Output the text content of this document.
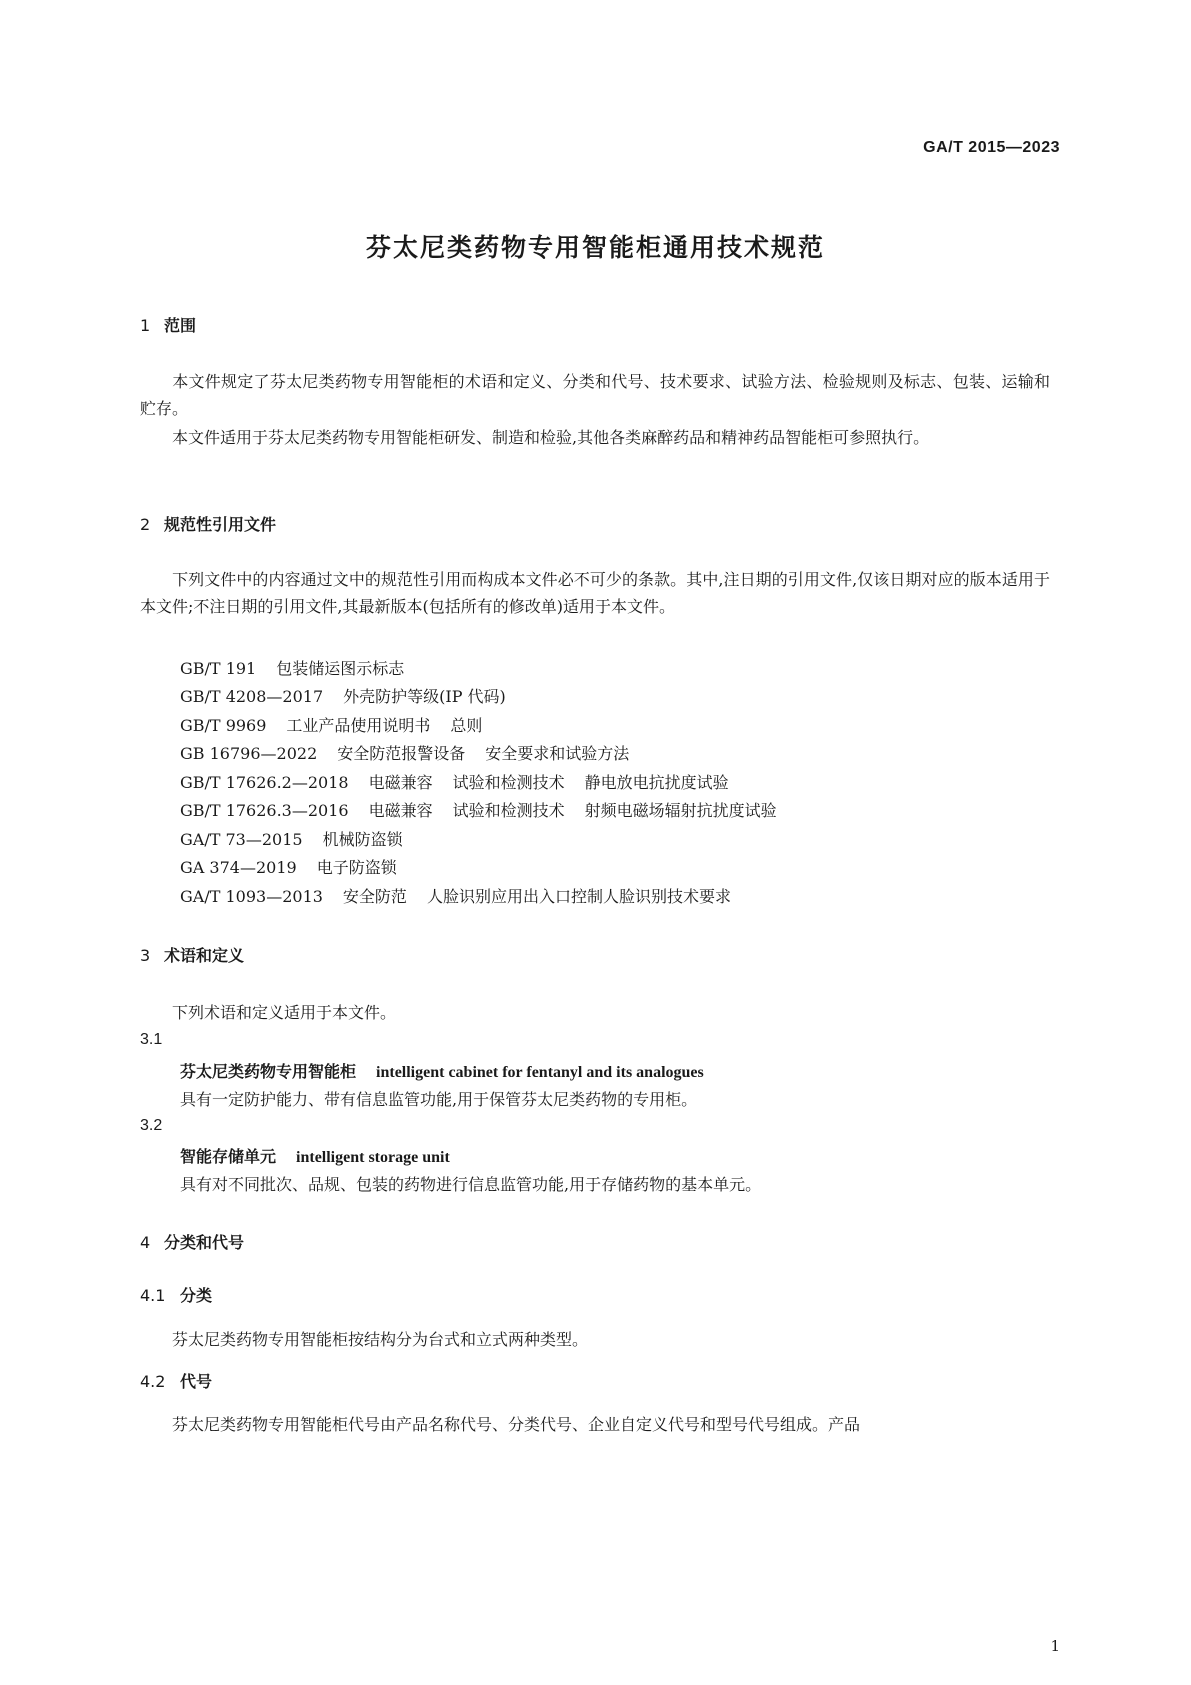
GA/T 2015—2023
芬太尼类药物专用智能柜通用技术规范
1 范围
本文件规定了芬太尼类药物专用智能柜的术语和定义、分类和代号、技术要求、试验方法、检验规则及标志、包装、运输和贮存。
本文件适用于芬太尼类药物专用智能柜研发、制造和检验,其他各类麻醉药品和精神药品智能柜可参照执行。
2 规范性引用文件
下列文件中的内容通过文中的规范性引用而构成本文件必不可少的条款。其中,注日期的引用文件,仅该日期对应的版本适用于本文件;不注日期的引用文件,其最新版本(包括所有的修改单)适用于本文件。
GB/T 191 包装储运图示标志
GB/T 4208—2017 外壳防护等级(IP 代码)
GB/T 9969 工业产品使用说明书 总则
GB 16796—2022 安全防范报警设备 安全要求和试验方法
GB/T 17626.2—2018 电磁兼容 试验和检测技术 静电放电抗扰度试验
GB/T 17626.3—2016 电磁兼容 试验和检测技术 射频电磁场辐射抗扰度试验
GA/T 73—2015 机械防盗锁
GA 374—2019 电子防盗锁
GA/T 1093—2013 安全防范 人脸识别应用出入口控制人脸识别技术要求
3 术语和定义
下列术语和定义适用于本文件。
3.1
芬太尼类药物专用智能柜 intelligent cabinet for fentanyl and its analogues
具有一定防护能力、带有信息监管功能,用于保管芬太尼类药物的专用柜。
3.2
智能存储单元 intelligent storage unit
具有对不同批次、品规、包装的药物进行信息监管功能,用于存储药物的基本单元。
4 分类和代号
4.1 分类
芬太尼类药物专用智能柜按结构分为台式和立式两种类型。
4.2 代号
芬太尼类药物专用智能柜代号由产品名称代号、分类代号、企业自定义代号和型号代号组成。产品
1
